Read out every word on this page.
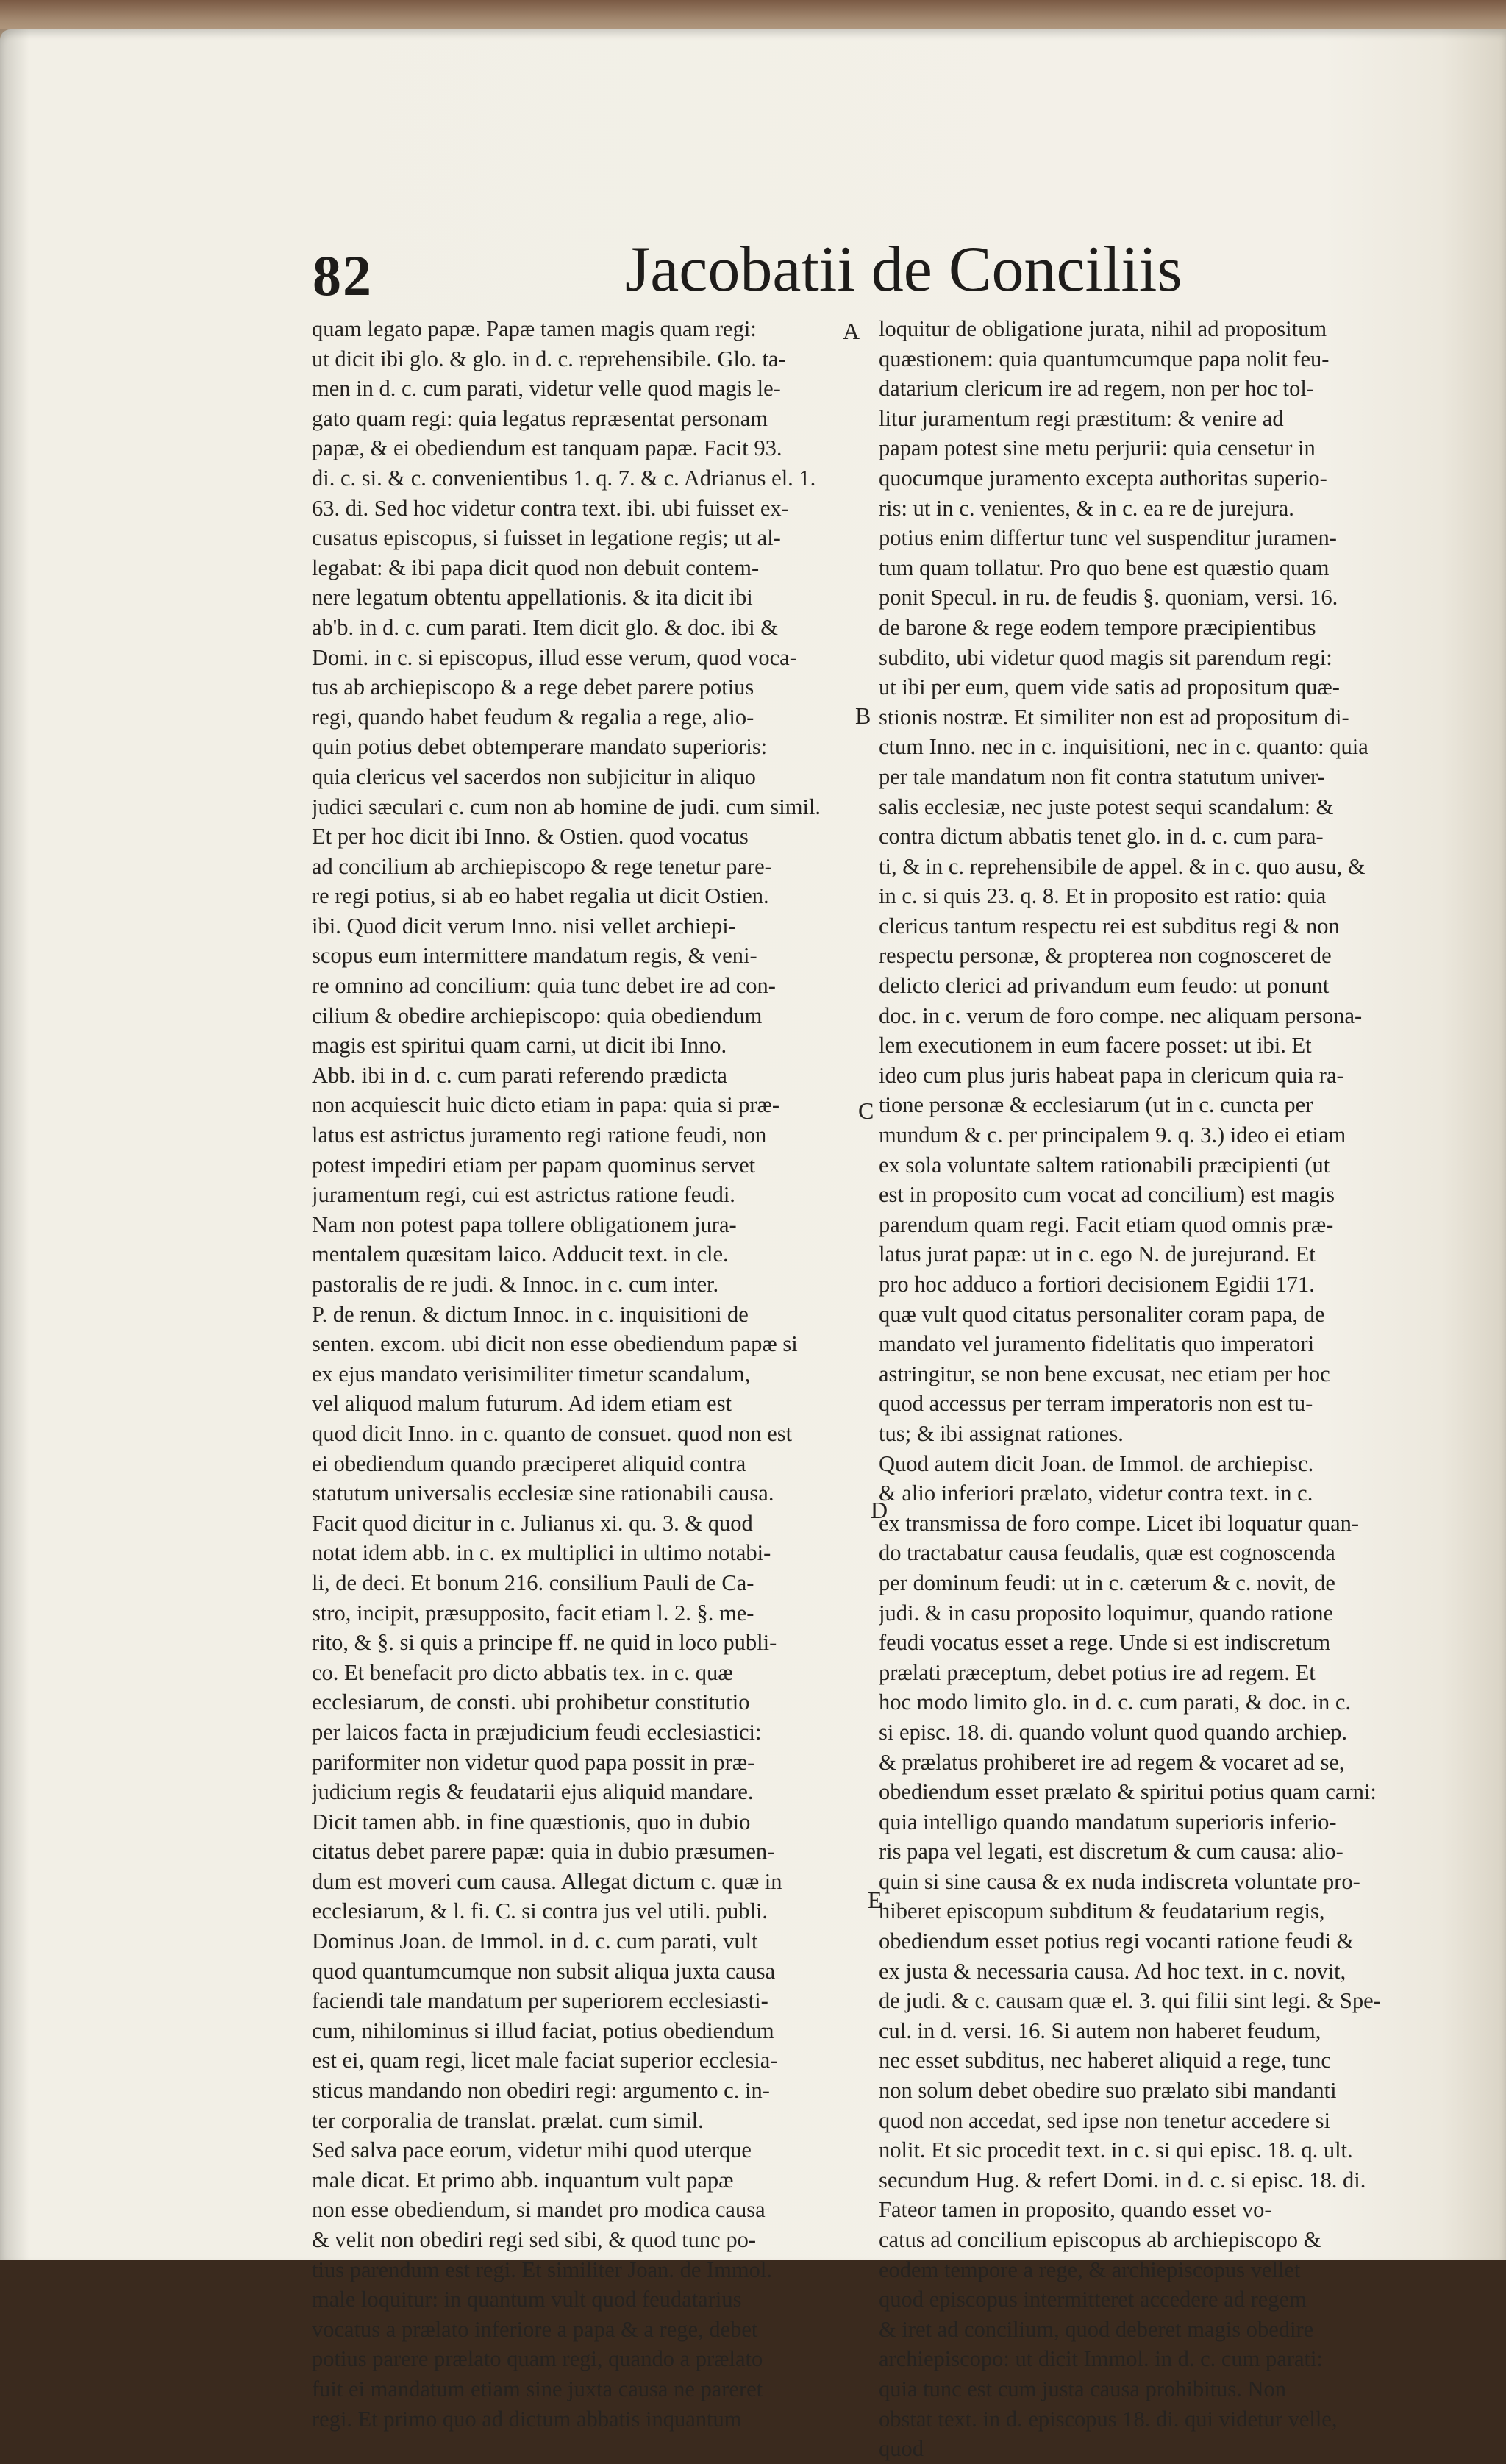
82	Jacobatii de Conciliis
quam legato papæ. Papæ tamen magis quam regi:
ut dicit ibi glo. & glo. in d. c. reprehensibile. Glo. ta-
men in d. c. cum parati, videtur velle quod magis le-
gato quam regi: quia legatus repræsentat personam
papæ, & ei obediendum est tanquam papæ. Facit 93.
di. c. si. & c. convenientibus 1. q. 7. & c. Adrianus el. 1.
63. di. Sed hoc videtur contra text. ibi. ubi fuisset ex-
cusatus episcopus, si fuisset in legatione regis; ut al-
legabat: & ibi papa dicit quod non debuit contem-
nere legatum obtentu appellationis. & ita dicit ibi
ab'b. in d. c. cum parati. Item dicit glo. & doc. ibi &
Domi. in c. si episcopus, illud esse verum, quod voca-
tus ab archiepiscopo & a rege debet parere potius
regi, quando habet feudum & regalia a rege, alio-
quin potius debet obtemperare mandato superioris:
quia clericus vel sacerdos non subjicitur in aliquo
judici sæculari c. cum non ab homine de judi. cum simil.
Et per hoc dicit ibi Inno. & Ostien. quod vocatus
ad concilium ab archiepiscopo & rege tenetur pare-
re regi potius, si ab eo habet regalia ut dicit Ostien.
ibi. Quod dicit verum Inno. nisi vellet archiepi-
scopus eum intermittere mandatum regis, & veni-
re omnino ad concilium: quia tunc debet ire ad con-
cilium & obedire archiepiscopo: quia obediendum
magis est spiritui quam carni, ut dicit ibi Inno.
Abb. ibi in d. c. cum parati referendo prædicta
non acquiescit huic dicto etiam in papa: quia si præ-
latus est astrictus juramento regi ratione feudi, non
potest impediri etiam per papam quominus servet
juramentum regi, cui est astrictus ratione feudi.
Nam non potest papa tollere obligationem jura-
mentalem quæsitam laico. Adducit text. in cle.
pastoralis de re judi. & Innoc. in c. cum inter.
P. de renun. & dictum Innoc. in c. inquisitioni de
senten. excom. ubi dicit non esse obediendum papæ si
ex ejus mandato verisimiliter timetur scandalum,
vel aliquod malum futurum. Ad idem etiam est
quod dicit Inno. in c. quanto de consuet. quod non est
ei obediendum quando præciperet aliquid contra
statutum universalis ecclesiæ sine rationabili causa.
Facit quod dicitur in c. Julianus xi. qu. 3. & quod
notat idem abb. in c. ex multiplici in ultimo notabi-
li, de deci. Et bonum 216. consilium Pauli de Ca-
stro, incipit, præsupposito, facit etiam l. 2. §. me-
rito, & §. si quis a principe ff. ne quid in loco publi-
co. Et benefacit pro dicto abbatis tex. in c. quæ
ecclesiarum, de consti. ubi prohibetur constitutio
per laicos facta in præjudicium feudi ecclesiastici:
pariformiter non videtur quod papa possit in præ-
judicium regis & feudatarii ejus aliquid mandare.
Dicit tamen abb. in fine quæstionis, quo in dubio
citatus debet parere papæ: quia in dubio præsumen-
dum est moveri cum causa. Allegat dictum c. quæ in
ecclesiarum, & l. fi. C. si contra jus vel utili. publi.
Dominus Joan. de Immol. in d. c. cum parati, vult
quod quantumcumque non subsit aliqua juxta causa
faciendi tale mandatum per superiorem ecclesiasti-
cum, nihilominus si illud faciat, potius obediendum
est ei, quam regi, licet male faciat superior ecclesia-
sticus mandando non obediri regi: argumento c. in-
ter corporalia de translat. prælat. cum simil.
Sed salva pace eorum, videtur mihi quod uterque
male dicat. Et primo abb. inquantum vult papæ
non esse obediendum, si mandet pro modica causa
& velit non obediri regi sed sibi, & quod tunc po-
tius parendum est regi. Et similiter Joan. de Immol.
male loquitur: in quantum vult quod feudatarius
vocatus a prælato inferiore a papa & a rege, debet
potius parere prælato quam regi, quando a prælato
fuit ei mandatum etiam sine juxta causa ne pareret
regi. Et primo quo ad dictum abbatis inquantum
loquitur de obligatione jurata, nihil ad propositum
quæstionem: quia quantumcumque papa nolit feu-
datarium clericum ire ad regem, non per hoc tol-
litur juramentum regi præstitum: & venire ad
papam potest sine metu perjurii: quia censetur in
quocumque juramento excepta authoritas superio-
ris: ut in c. venientes, & in c. ea re de jurejura.
potius enim differtur tunc vel suspenditur juramen-
tum quam tollatur. Pro quo bene est quæstio quam
ponit Specul. in ru. de feudis §. quoniam, versi. 16.
de barone & rege eodem tempore præcipientibus
subdito, ubi videtur quod magis sit parendum regi:
ut ibi per eum, quem vide satis ad propositum quæ-
stionis nostræ. Et similiter non est ad propositum di-
ctum Inno. nec in c. inquisitioni, nec in c. quanto: quia
per tale mandatum non fit contra statutum univer-
salis ecclesiæ, nec juste potest sequi scandalum: &
contra dictum abbatis tenet glo. in d. c. cum para-
ti, & in c. reprehensibile de appel. & in c. quo ausu, &
in c. si quis 23. q. 8. Et in proposito est ratio: quia
clericus tantum respectu rei est subditus regi & non
respectu personæ, & propterea non cognosceret de
delicto clerici ad privandum eum feudo: ut ponunt
doc. in c. verum de foro compe. nec aliquam persona-
lem executionem in eum facere posset: ut ibi. Et
ideo cum plus juris habeat papa in clericum quia ra-
tione personæ & ecclesiarum (ut in c. cuncta per
mundum & c. per principalem 9. q. 3.) ideo ei etiam
ex sola voluntate saltem rationabili præcipienti (ut
est in proposito cum vocat ad concilium) est magis
parendum quam regi. Facit etiam quod omnis præ-
latus jurat papæ: ut in c. ego N. de jurejurand. Et
pro hoc adduco a fortiori decisionem Egidii 171.
quæ vult quod citatus personaliter coram papa, de
mandato vel juramento fidelitatis quo imperatori
astringitur, se non bene excusat, nec etiam per hoc
quod accessus per terram imperatoris non est tu-
tus; & ibi assignat rationes.
Quod autem dicit Joan. de Immol. de archiepisc.
& alio inferiori prælato, videtur contra text. in c.
ex transmissa de foro compe. Licet ibi loquatur quan-
do tractabatur causa feudalis, quæ est cognoscenda
per dominum feudi: ut in c. cæterum & c. novit, de
judi. & in casu proposito loquimur, quando ratione
feudi vocatus esset a rege. Unde si est indiscretum
prælati præceptum, debet potius ire ad regem. Et
hoc modo limito glo. in d. c. cum parati, & doc. in c.
si episc. 18. di. quando volunt quod quando archiep.
& prælatus prohiberet ire ad regem & vocaret ad se,
obediendum esset prælato & spiritui potius quam carni:
quia intelligo quando mandatum superioris inferio-
ris papa vel legati, est discretum & cum causa: alio-
quin si sine causa & ex nuda indiscreta voluntate pro-
hiberet episcopum subditum & feudatarium regis,
obediendum esset potius regi vocanti ratione feudi &
ex justa & necessaria causa. Ad hoc text. in c. novit,
de judi. & c. causam quæ el. 3. qui filii sint legi. & Spe-
cul. in d. versi. 16. Si autem non haberet feudum,
nec esset subditus, nec haberet aliquid a rege, tunc
non solum debet obedire suo prælato sibi mandanti
quod non accedat, sed ipse non tenetur accedere si
nolit. Et sic procedit text. in c. si qui episc. 18. q. ult.
secundum Hug. & refert Domi. in d. c. si episc. 18. di.
Fateor tamen in proposito, quando esset vo-
catus ad concilium episcopus ab archiepiscopo &
eodem tempore a rege, & archiepiscopus vellet
quod episcopus intermitteret accedere ad regem
& iret ad concilium, quod deberet magis obedire
archiepiscopo: ut dicit Immol. in d. c. cum parati:
quia tunc est cum justa causa prohibitus. Non
obstat text. in d. episcopus 18. di. qui videtur velle,
quod
A
B
C
D
E
